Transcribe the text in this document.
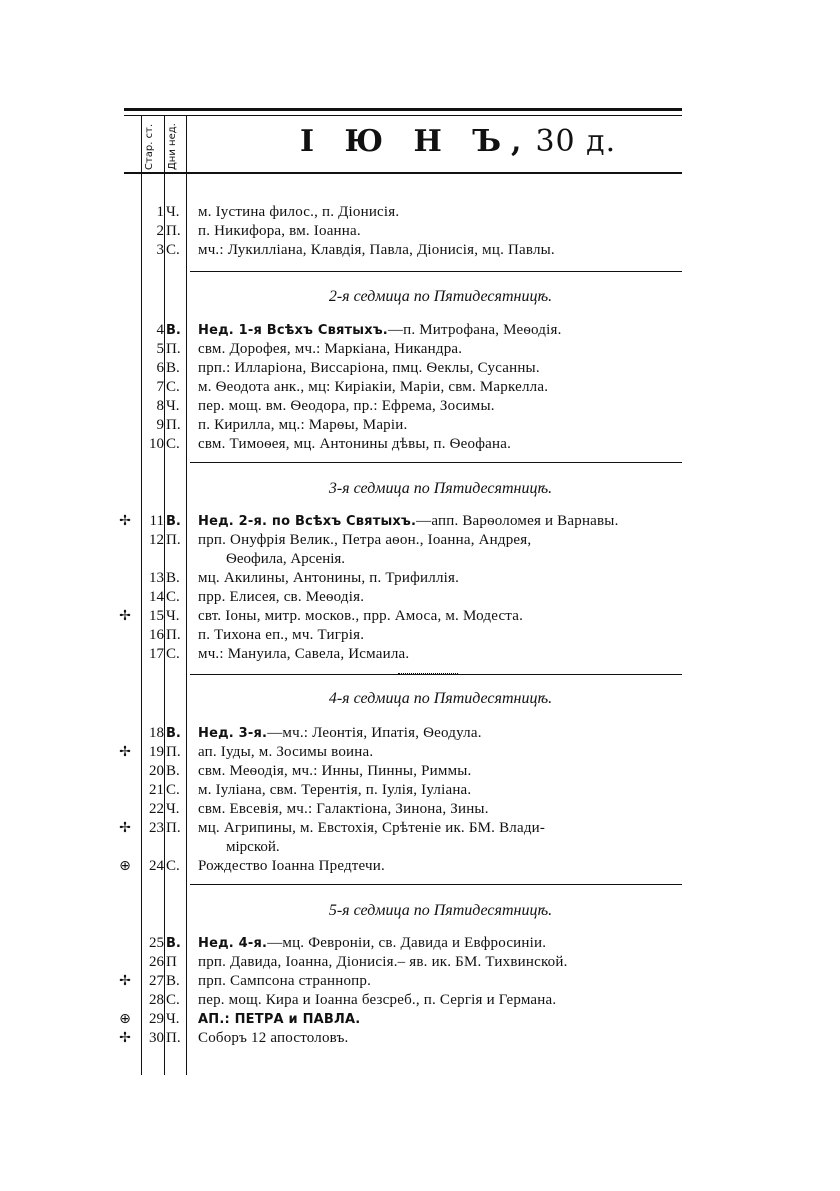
Стар. ст. Дни нед.	I Ю Н Ъ, 30 д.
2-я седмица по Пятидесятницѣ.
3-я седмица по Пятидесятницѣ.
4-я седмица по Пятидесятницѣ.
5-я седмица по Пятидесятницѣ.
1 Ч.	м. Іустина филос., п. Діонисія.
2 П. п. Никифора, вм. Іоанна.
3 С. мч.: Лукилліана, Клавдія, Павла, Діонисія, мц. Павлы.
4 В. Нед. 1-я Всѣхъ Святыхъ.—п. Митрофана, Меѳодія.
5 П. свм. Дорофея, мч.: Маркіана, Никандра.
6 В. прп.: Илларіона, Виссаріона, пмц. Ѳеклы, Сусанны.
7 С. м. Ѳеодота анк., мц: Киріакіи, Маріи, свм. Маркелла.
8 Ч.	пер. мощ. вм. Ѳеодора, пр.: Ефрема, Зосимы.
9 П. п. Кирилла, мц.: Марѳы, Маріи.
10 С. свм. Тимоѳея, мц. Антонины дѣвы, п. Ѳеофана.
✢	11 В. Нед. 2-я. по Всѣхъ Святыхъ.—апп. Варѳоломея и Варнавы.
12 П. прп. Онуфрія Велик., Петра аѳон., Іоанна, Андрея,
Ѳеофила, Арсенія.
13 В. мц. Акилины, Антонины, п. Трифиллія.
14 С. прр. Елисея, св. Меѳодія.
✢	15 Ч.	свт. Іоны, митр. москов., прр. Амоса, м. Модеста.
16 П. п. Тихона еп., мч. Тигрія.
17 С. мч.: Мануила, Савела, Исмаила.
18 В. Нед. 3-я.—мч.: Леонтія, Ипатія, Ѳеодула.
✢	19 П. ап. Іуды, м. Зосимы воина.
20 В. свм. Меѳодія, мч.: Инны, Пинны, Риммы.
21 С. м. Іуліана, свм. Терентія, п. Іулія, Іуліана.
22 Ч.	свм. Евсевія, мч.: Галактіона, Зинона, Зины.
✢	23 П. мц. Агрипины, м. Евстохія, Срѣтеніе ик. БМ. Влади-
мірской.
⊕	24 С. Рождество Іоанна Предтечи.
25 В. Нед. 4-я.—мц. Февроніи, св. Давида и Евфросиніи.
26 П	прп. Давида, Іоанна, Діонисія.– яв. ик. БМ. Тихвинской.
✢	27 В. прп. Сампсона страннопр.
28 С. пер. мощ. Кира и Іоанна безсреб., п. Сергія и Германа.
⊕	29 Ч.	АП.: ПЕТРА и ПАВЛА.
✢	30 П. Соборъ 12 апостоловъ.
